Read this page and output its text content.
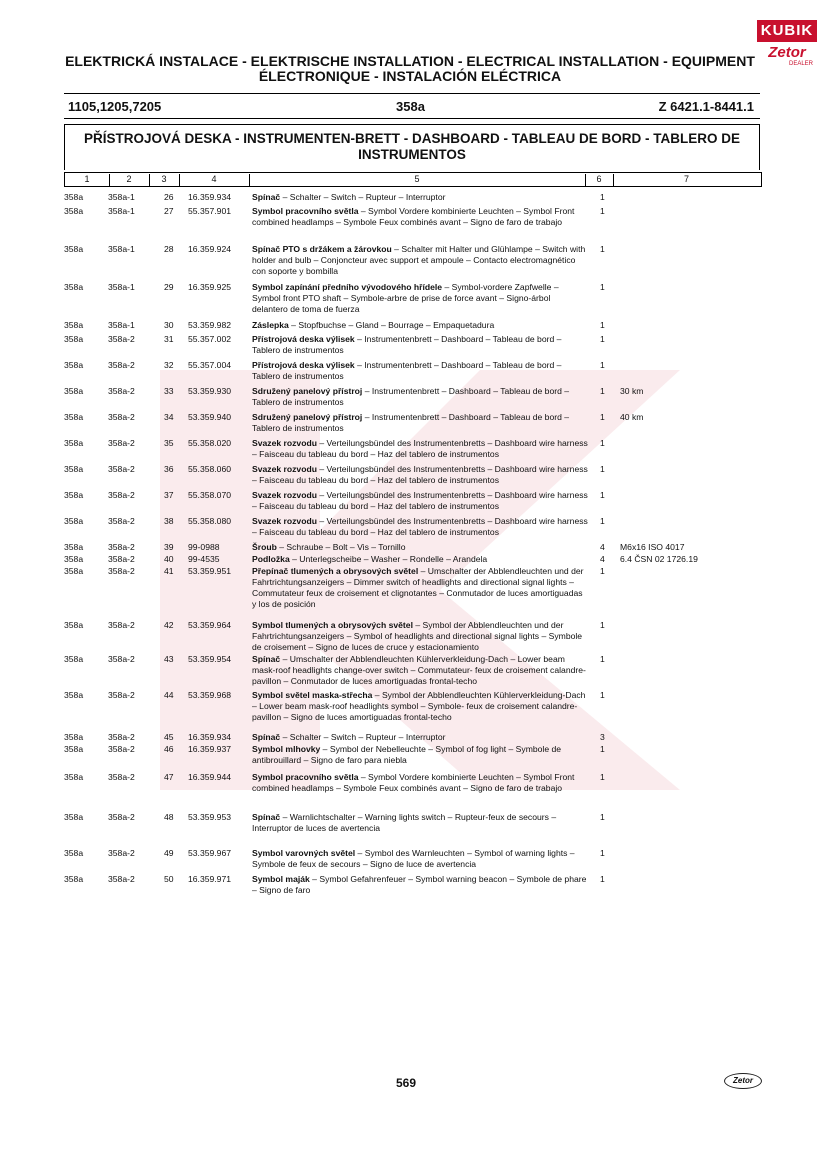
KUBIK
Zetor
DEALER
ELEKTRICKÁ INSTALACE - ELEKTRISCHE INSTALLATION - ELECTRICAL INSTALLATION - EQUIPMENT
ÉLECTRONIQUE - INSTALACIÓN ELÉCTRICA
1105,1205,7205	358a	Z 6421.1-8441.1
PŘÍSTROJOVÁ DESKA - INSTRUMENTEN-BRETT - DASHBOARD - TABLEAU DE BORD - TABLERO DE
INSTRUMENTOS
1	2	3	4	5	6	7
358a	358a-1	26 16.359.934 Spínač – Schalter – Switch – Rupteur – Interruptor	1
358a	358a-1	27 55.357.901 Symbol pracovního světla – Symbol Vordere kombinierte Leuchten – Symbol Front combined headlamps – Symbole Feux combinés avant – Signo de faro de trabajo
1
358a	358a-1	28 16.359.924 Spínač PTO s držákem a žárovkou – Schalter mit Halter und Glühlampe – Switch with holder and bulb – Conjoncteur avec support et ampoule – Contacto electromagnético con soporte y bombilla
1
358a	358a-1	29 16.359.925 Symbol zapínání předního vývodového hřídele – Symbol-vordere Zapfwelle – Symbol front PTO shaft – Symbole-arbre de prise de force avant – Signo-árbol delantero de toma de fuerza
1
358a	358a-1	30 53.359.982 Záslepka – Stopfbuchse – Gland – Bourrage – Empaquetadura	1
358a	358a-2	31 55.357.002 Přístrojová deska výlisek – Instrumentenbrett – Dashboard – Tableau de bord – Tablero de instrumentos
1
358a	358a-2	32 55.357.004 Přístrojová deska výlisek – Instrumentenbrett – Dashboard – Tableau de bord – Tablero de instrumentos
1
358a	358a-2	33 53.359.930 Sdružený panelový přístroj – Instrumentenbrett – Dashboard – Tableau de bord – Tablero de instrumentos
1 30 km
358a	358a-2	34 53.359.940 Sdružený panelový přístroj – Instrumentenbrett – Dashboard – Tableau de bord – Tablero de instrumentos
1 40 km
358a	358a-2	35 55.358.020 Svazek rozvodu – Verteilungsbündel des Instrumentenbretts – Dashboard wire harness – Faisceau du tableau du bord – Haz del tablero de instrumentos
1
358a	358a-2	36 55.358.060 Svazek rozvodu – Verteilungsbündel des Instrumentenbretts – Dashboard wire harness – Faisceau du tableau du bord – Haz del tablero de instrumentos
1
358a	358a-2	37 55.358.070 Svazek rozvodu – Verteilungsbündel des Instrumentenbretts – Dashboard wire harness – Faisceau du tableau du bord – Haz del tablero de instrumentos
1
358a	358a-2	38 55.358.080 Svazek rozvodu – Verteilungsbündel des Instrumentenbretts – Dashboard wire harness – Faisceau du tableau du bord – Haz del tablero de instrumentos
1
358a	358a-2	39 99-0988	Šroub – Schraube – Bolt – Vis – Tornillo	4 M6x16 ISO 4017
358a	358a-2	40 99-4535	Podložka – Unterlegscheibe – Washer – Rondelle – Arandela	4 6.4 ČSN 02 1726.19
358a	358a-2	41 53.359.951 Přepínač tlumených a obrysových světel – Umschalter der Abblendleuchten und der Fahrtrichtungsanzeigers – Dimmer switch of headlights and directional signal lights – Commutateur feux de croisement et clignotantes – Conmutador de luces amortiguadas y los de posición
1
358a	358a-2	42 53.359.964 Symbol tlumených a obrysových světel – Symbol der Abblendleuchten und der Fahrtrichtungsanzeigers – Symbol of headlights and directional signal lights – Symbole de croisement – Signo de luces de cruce y estacionamiento
1
358a	358a-2	43 53.359.954 Spínač – Umschalter der Abblendleuchten Kühlerverkleidung-Dach – Lower beam mask-roof headlights change-over switch – Commutateur- feux de croisement calandre-pavillon – Conmutador de luces amortiguadas frontal-techo
1
358a	358a-2	44 53.359.968 Symbol světel maska-střecha – Symbol der Abblendleuchten Kühlerverkleidung-Dach – Lower beam mask-roof headlights symbol – Symbole- feux de croisement calandre-pavillon – Signo de luces amortiguadas frontal-techo
1
358a	358a-2	45 16.359.934 Spínač – Schalter – Switch – Rupteur – Interruptor	3
358a	358a-2	46 16.359.937 Symbol mlhovky – Symbol der Nebelleuchte – Symbol of fog light – Symbole de antibrouillard – Signo de faro para niebla
1
358a	358a-2	47 16.359.944 Symbol pracovního světla – Symbol Vordere kombinierte Leuchten – Symbol Front combined headlamps – Symbole Feux combinés avant – Signo de faro de trabajo
1
358a	358a-2	48 53.359.953 Spínač – Warnlichtschalter – Warning lights switch – Rupteur-feux de secours – Interruptor de luces de avertencia
1
358a	358a-2	49 53.359.967 Symbol varovných světel – Symbol des Warnleuchten – Symbol of warning lights – Symbole de feux de secours – Signo de luce de avertencia
1
358a	358a-2	50 16.359.971 Symbol maják – Symbol Gefahrenfeuer – Symbol warning beacon – Symbole de phare – Signo de faro
1
569	Zetor
